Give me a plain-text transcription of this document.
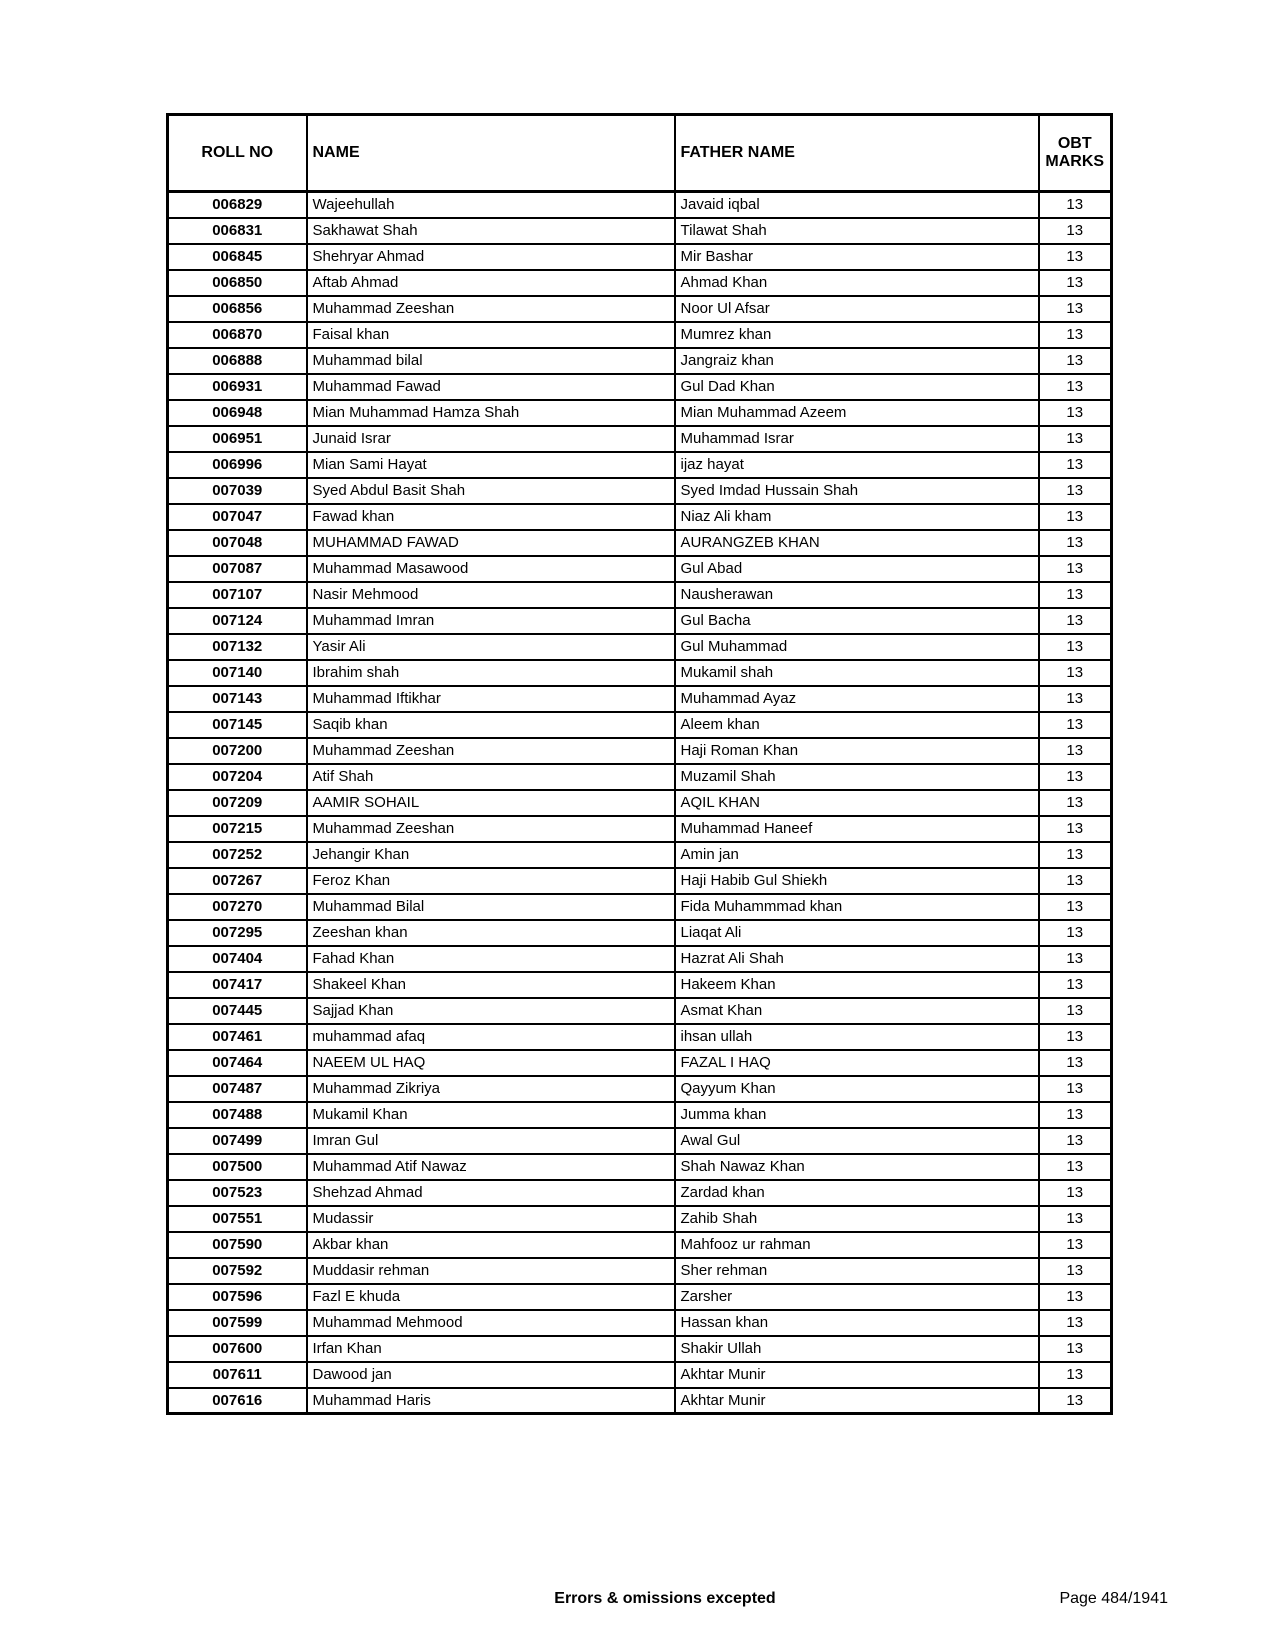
ROLL NO	NAME	FATHER NAME	OBT MARKS
006829	Wajeehullah	Javaid iqbal	13
006831	Sakhawat Shah	Tilawat Shah	13
006845	Shehryar Ahmad	Mir Bashar	13
006850	Aftab Ahmad	Ahmad Khan	13
006856	Muhammad Zeeshan	Noor Ul Afsar	13
006870	Faisal khan	Mumrez khan	13
006888	Muhammad bilal	Jangraiz khan	13
006931	Muhammad Fawad	Gul Dad Khan	13
006948	Mian Muhammad Hamza Shah	Mian Muhammad Azeem	13
006951	Junaid Israr	Muhammad Israr	13
006996	Mian Sami Hayat	ijaz hayat	13
007039	Syed Abdul Basit Shah	Syed Imdad Hussain Shah	13
007047	Fawad khan	Niaz Ali kham	13
007048	MUHAMMAD FAWAD	AURANGZEB KHAN	13
007087	Muhammad Masawood	Gul Abad	13
007107	Nasir Mehmood	Nausherawan	13
007124	Muhammad Imran	Gul Bacha	13
007132	Yasir Ali	Gul Muhammad	13
007140	Ibrahim shah	Mukamil shah	13
007143	Muhammad Iftikhar	Muhammad Ayaz	13
007145	Saqib khan	Aleem khan	13
007200	Muhammad Zeeshan	Haji Roman Khan	13
007204	Atif Shah	Muzamil Shah	13
007209	AAMIR SOHAIL	AQIL KHAN	13
007215	Muhammad Zeeshan	Muhammad Haneef	13
007252	Jehangir Khan	Amin jan	13
007267	Feroz Khan	Haji Habib Gul Shiekh	13
007270	Muhammad Bilal	Fida Muhammmad khan	13
007295	Zeeshan khan	Liaqat Ali	13
007404	Fahad Khan	Hazrat Ali Shah	13
007417	Shakeel Khan	Hakeem Khan	13
007445	Sajjad Khan	Asmat Khan	13
007461	muhammad afaq	ihsan ullah	13
007464	NAEEM UL HAQ	FAZAL I HAQ	13
007487	Muhammad Zikriya	Qayyum Khan	13
007488	Mukamil Khan	Jumma khan	13
007499	Imran Gul	Awal Gul	13
007500	Muhammad Atif Nawaz	Shah Nawaz Khan	13
007523	Shehzad Ahmad	Zardad khan	13
007551	Mudassir	Zahib Shah	13
007590	Akbar khan	Mahfooz ur rahman	13
007592	Muddasir rehman	Sher rehman	13
007596	Fazl E khuda	Zarsher	13
007599	Muhammad Mehmood	Hassan khan	13
007600	Irfan Khan	Shakir Ullah	13
007611	Dawood jan	Akhtar Munir	13
007616	Muhammad Haris	Akhtar Munir	13
Errors & omissions excepted	Page 484/1941
